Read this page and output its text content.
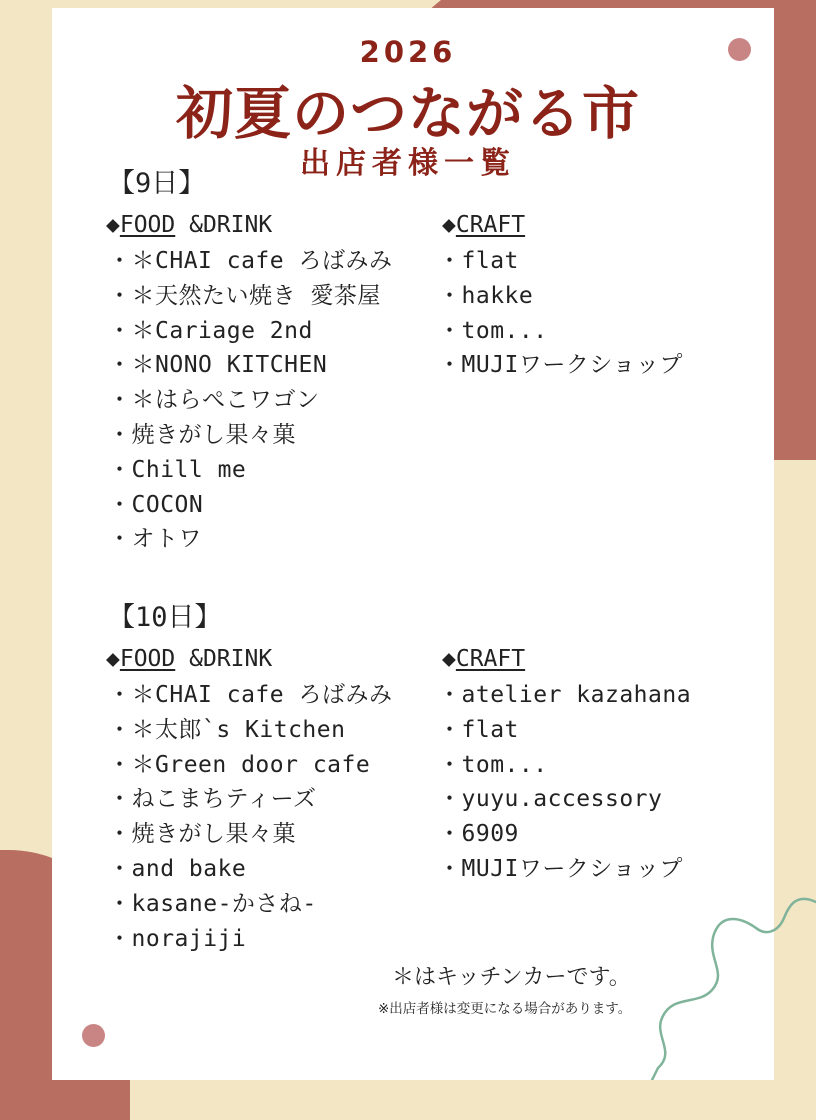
2026
初夏のつながる市
出店者様一覧
【9日】
◆FOOD &DRINK	◆CRAFT
・＊CHAI cafe ろばみみ
・＊天然たい焼き 愛茶屋
・＊Cariage 2nd
・＊NONO KITCHEN
・＊はらぺこワゴン
・焼きがし果々菓
・Chill me
・COCON
・オトワ
・flat
・hakke
・tom...
・MUJIワークショップ
【10日】
◆FOOD &DRINK	◆CRAFT
・＊CHAI cafe ろばみみ
・＊太郎`s Kitchen
・＊Green door cafe
・ねこまちティーズ
・焼きがし果々菓
・and bake
・kasane-かさね-
・norajiji
・atelier kazahana
・flat
・tom...
・yuyu.accessory
・6909
・MUJIワークショップ
＊はキッチンカーです。
※出店者様は変更になる場合があります。
